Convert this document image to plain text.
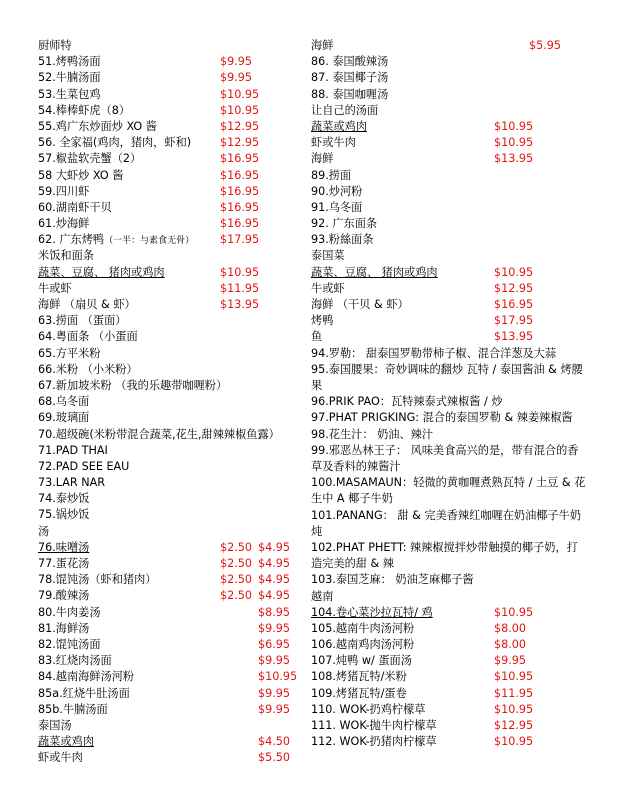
厨师特
51.烤鸭汤面	$9.95
52.牛腩汤面	$9.95
53.生菜包鸡	$10.95
54.棒棒虾虎（8）	$10.95
55.鸡广东炒面炒 XO 酱	$12.95
56. 全家福(鸡肉，猪肉，虾和)	$12.95
57.椒盐软壳蟹（2）	$16.95
58 大虾炒 XO 酱	$16.95
59.四川虾	$16.95
60.湖南虾干贝	$16.95
61.炒海鲜	$16.95
62. 广东烤鸭（一半：与素食无骨） $17.95
米饭和面条
蔬菜、豆腐、 猪肉或鸡肉	$10.95
牛或虾	$11.95
海鲜 （扇贝 & 虾）	$13.95
63.捞面 （蛋面）
64.粤面条 （小蛋面
65.方平米粉
66.米粉 （小米粉）
67.新加坡米粉 （我的乐趣带咖喱粉）
68.乌冬面
69.玻璃面
70.超级碗(米粉带混合蔬菜,花生,甜辣辣椒鱼露）
71.PAD THAI
72.PAD SEE EAU
73.LAR NAR
74.泰炒饭
75.锅炒饭
汤
76.味噌汤	$2.50 $4.95
77.蛋花汤	$2.50 $4.95
78.馄饨汤（虾和猪肉）	$2.50 $4.95
79.酸辣汤	$2.50 $4.95
80.牛肉姜汤	$8.95
81.海鲜汤	$9.95
82.馄饨汤面	$6.95
83.红烧肉汤面	$9.95
84.越南海鲜汤河粉	$10.95
85a.红烧牛肚汤面	$9.95
85b.牛腩汤面	$9.95
泰国汤
蔬菜或鸡肉	$4.50
虾或牛肉	$5.50
海鲜	$5.95
86. 泰国酸辣汤
87. 泰国椰子汤
88. 泰国咖喱汤
让自己的汤面
蔬菜或鸡肉	$10.95
虾或牛肉	$10.95
海鲜	$13.95
89.捞面
90.炒河粉
91.乌冬面
92. 广东面条
93.粉絲面条
泰国菜
蔬菜、豆腐、 猪肉或鸡肉	$10.95
牛或虾	$12.95
海鲜 （干贝 & 虾）	$16.95
烤鸭	$17.95
鱼	$13.95
94.罗勒： 甜泰国罗勒带柿子椒、混合洋葱及大蒜
95.泰国腰果：奇妙调味的翻炒 瓦特 / 泰国酱油 & 烤腰果
96.PRIK PAO：瓦特辣泰式辣椒酱 / 炒
97.PHAT PRIGKING: 混合的泰国罗勒 & 辣姜辣椒酱
98.花生汁： 奶油、辣汁
99.邪恶丛林王子： 风味美食高兴的是，带有混合的香草及香料的辣酱汁
100.MASAMAUN：轻微的黄咖喱煮熟瓦特 / 土豆 & 花生中 A 椰子牛奶
101.PANANG： 甜 & 完美香辣红咖喱在奶油椰子牛奶炖
102.PHAT PHETT: 辣辣椒搅拌炒带触摸的椰子奶，打造完美的甜 & 辣
103.泰国芝麻： 奶油芝麻椰子酱
越南
104.卷心菜沙拉瓦特/ 鸡	$10.95
105.越南牛肉汤河粉	$8.00
106.越南鸡肉汤河粉	$8.00
107.炖鸭 w/ 蛋面汤	$9.95
108.烤猪瓦特/米粉	$10.95
109.烤猪瓦特/蛋卷	$11.95
110. WOK-扔鸡柠檬草	$10.95
111. WOK-抛牛肉柠檬草	$12.95
112. WOK-扔猪肉柠檬草	$10.95
